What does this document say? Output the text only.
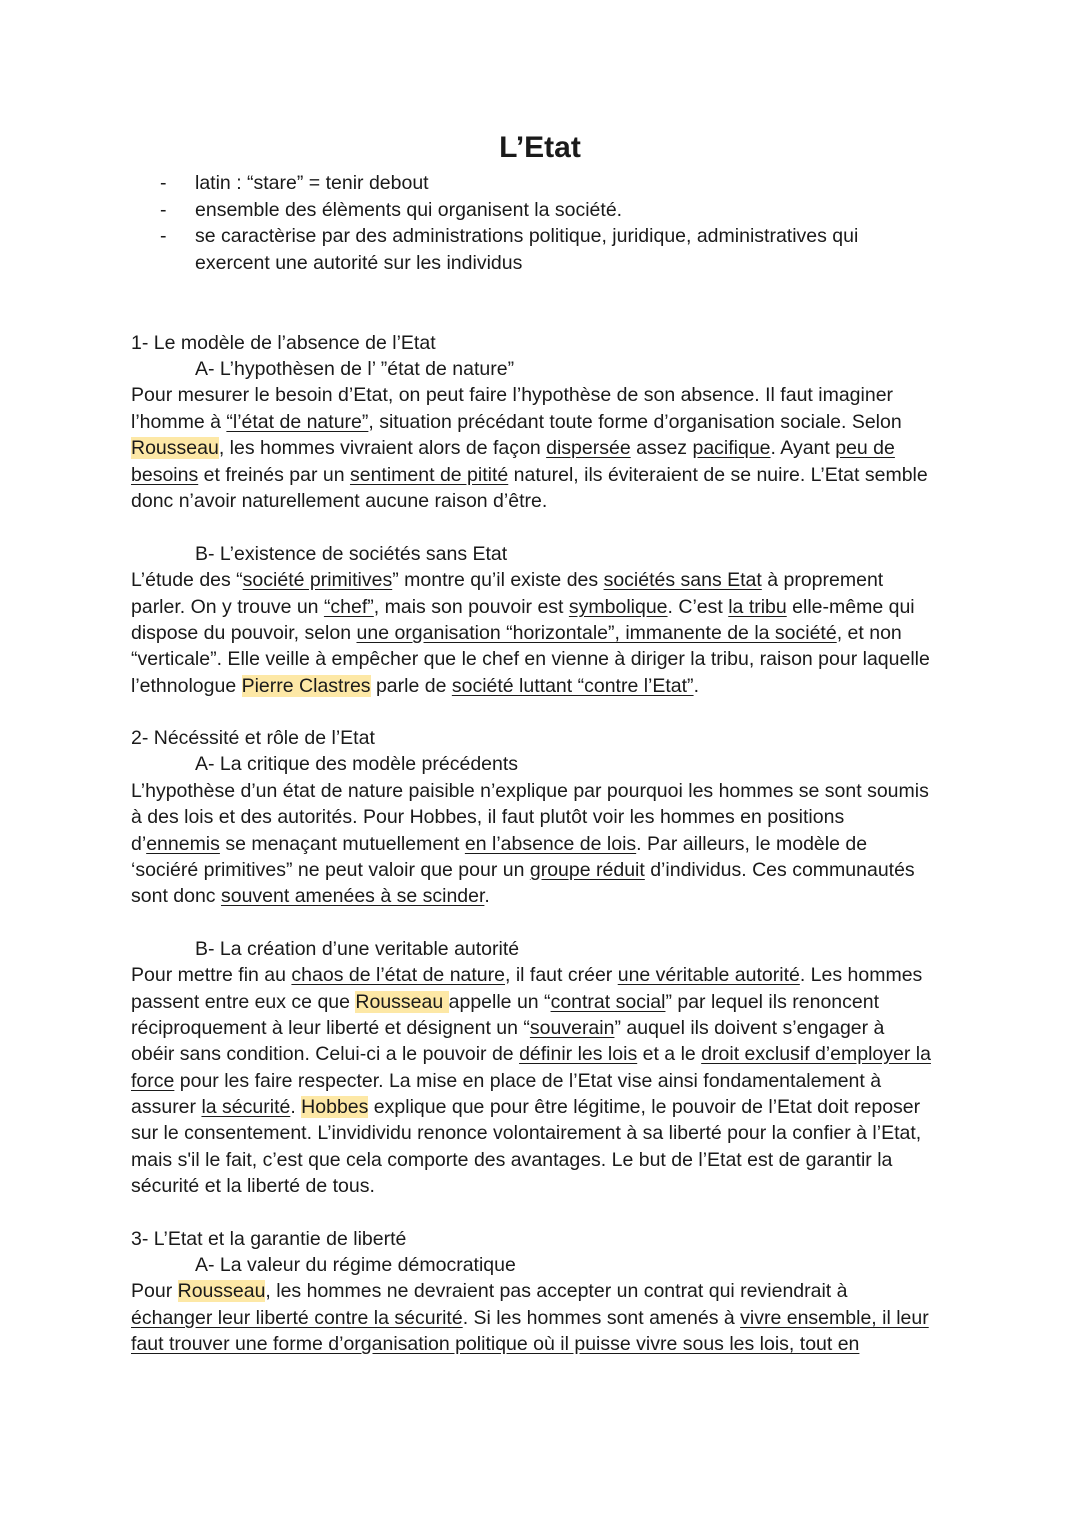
L’Etat
- latin : “stare” = tenir debout
- ensemble des élèments qui organisent la société.
- se caractèrise par des administrations politique, juridique, administratives qui exercent une autorité sur les individus
1- Le modèle de l’absence de l’Etat
A- L’hypothèsen de l’ ”état de nature”
Pour mesurer le besoin d’Etat, on peut faire l’hypothèse de son absence. Il faut imaginer
l’homme à “l’état de nature”, situation précédant toute forme d’organisation sociale. Selon
Rousseau, les hommes vivraient alors de façon dispersée assez pacifique. Ayant peu de
besoins et freinés par un sentiment de pitité naturel, ils éviteraient de se nuire. L’Etat semble
donc n’avoir naturellement aucune raison d’être.
B- L’existence de sociétés sans Etat
L’étude des “société primitives” montre qu’il existe des sociétés sans Etat à proprement
parler. On y trouve un “chef”, mais son pouvoir est symbolique. C’est la tribu elle-même qui
dispose du pouvoir, selon une organisation “horizontale”, immanente de la société, et non
“verticale”. Elle veille à empêcher que le chef en vienne à diriger la tribu, raison pour laquelle
l’ethnologue Pierre Clastres parle de société luttant “contre l’Etat”.
2- Nécéssité et rôle de l’Etat
A- La critique des modèle précédents
L’hypothèse d’un état de nature paisible n’explique par pourquoi les hommes se sont soumis
à des lois et des autorités. Pour Hobbes, il faut plutôt voir les hommes en positions
d’ennemis se menaçant mutuellement en l’absence de lois. Par ailleurs, le modèle de
‘sociéré primitives” ne peut valoir que pour un groupe réduit d’individus. Ces communautés
sont donc souvent amenées à se scinder.
B- La création d’une veritable autorité
Pour mettre fin au chaos de l’état de nature, il faut créer une véritable autorité. Les hommes
passent entre eux ce que Rousseau appelle un “contrat social” par lequel ils renoncent
réciproquement à leur liberté et désignent un “souverain” auquel ils doivent s’engager à
obéir sans condition. Celui-ci a le pouvoir de définir les lois et a le droit exclusif d’employer la
force pour les faire respecter. La mise en place de l’Etat vise ainsi fondamentalement à
assurer la sécurité. Hobbes explique que pour être légitime, le pouvoir de l’Etat doit reposer
sur le consentement. L’invidividu renonce volontairement à sa liberté pour la confier à l’Etat,
mais s'il le fait, c’est que cela comporte des avantages. Le but de l’Etat est de garantir la
sécurité et la liberté de tous.
3- L’Etat et la garantie de liberté
A- La valeur du régime démocratique
Pour Rousseau, les hommes ne devraient pas accepter un contrat qui reviendrait à
échanger leur liberté contre la sécurité. Si les hommes sont amenés à vivre ensemble, il leur
faut trouver une forme d’organisation politique où il puisse vivre sous les lois, tout en
